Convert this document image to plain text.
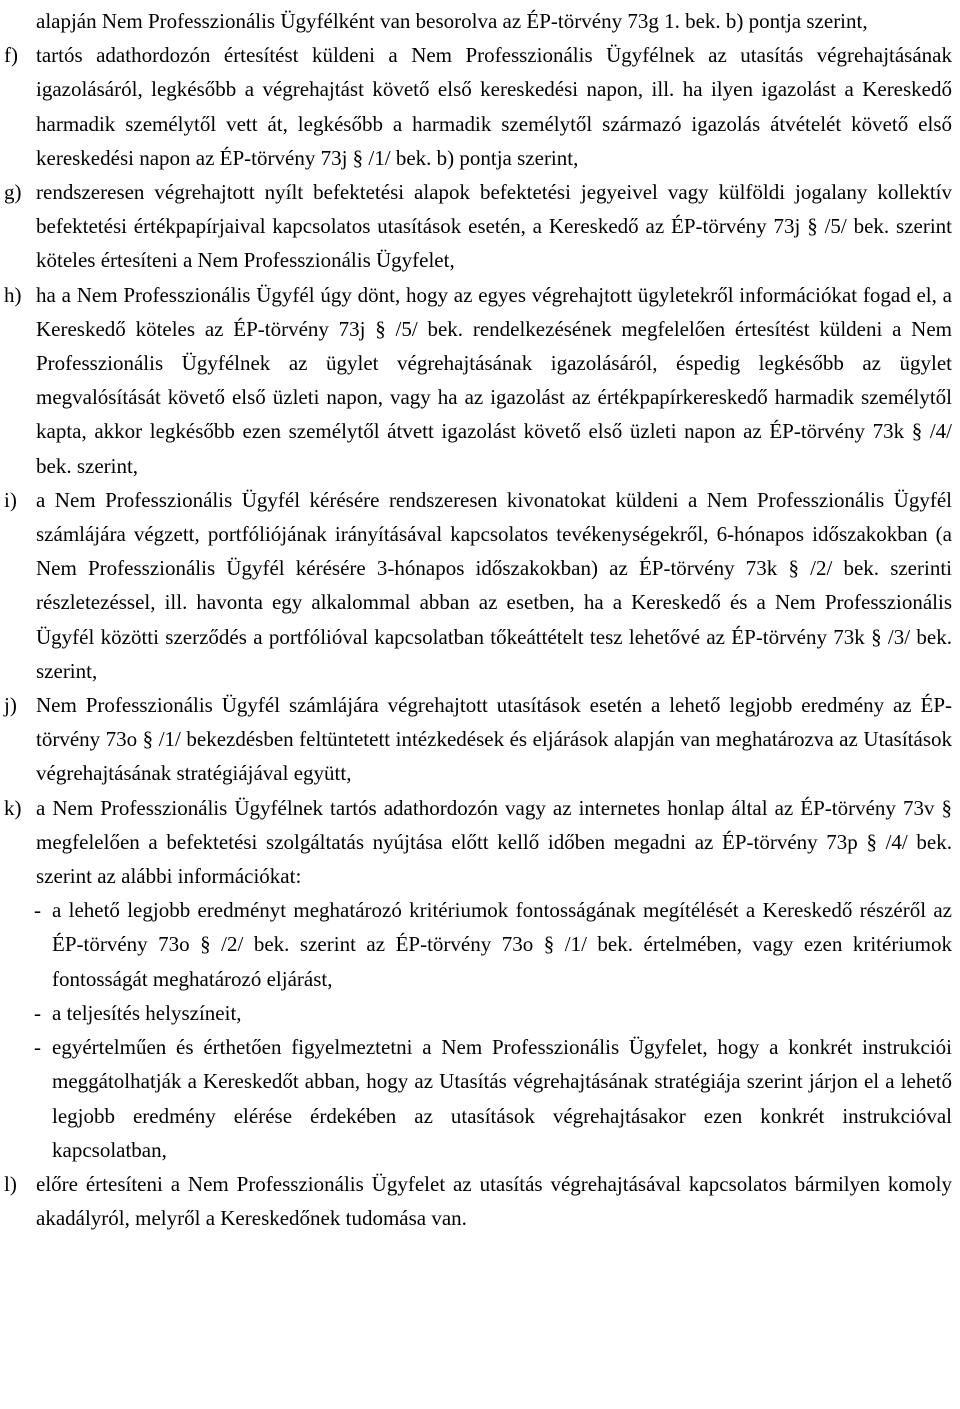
alapján Nem Professzionális Ügyfélként van besorolva az ÉP-törvény 73g 1. bek. b) pontja szerint,

f) tartós adathordozón értesítést küldeni a Nem Professzionális Ügyfélnek az utasítás végrehajtásának igazolásáról, legkésőbb a végrehajtást követő első kereskedési napon, ill. ha ilyen igazolást a Kereskedő harmadik személytől vett át, legkésőbb a harmadik személytől származó igazolás átvételét követő első kereskedési napon az ÉP-törvény 73j § /1/ bek. b) pontja szerint,
g) rendszeresen végrehajtott nyílt befektetési alapok befektetési jegyeivel vagy külföldi jogalany kollektív befektetési értékpapírjaival kapcsolatos utasítások esetén, a Kereskedő az ÉP-törvény 73j § /5/ bek. szerint köteles értesíteni a Nem Professzionális Ügyfelet,
h) ha a Nem Professzionális Ügyfél úgy dönt, hogy az egyes végrehajtott ügyletekről információkat fogad el, a Kereskedő köteles az ÉP-törvény 73j § /5/ bek. rendelkezésének megfelelően értesítést küldeni a Nem Professzionális Ügyfélnek az ügylet végrehajtásának igazolásáról, éspedig legkésőbb az ügylet megvalósítását követő első üzleti napon, vagy ha az igazolást az értékpapírkereskedő harmadik személytől kapta, akkor legkésőbb ezen személytől átvett igazolást követő első üzleti napon az ÉP-törvény 73k § /4/ bek. szerint,
i) a Nem Professzionális Ügyfél kérésére rendszeresen kivonatokat küldeni a Nem Professzionális Ügyfél számlájára végzett, portfóliójának irányításával kapcsolatos tevékenységekről, 6-hónapos időszakokban (a Nem Professzionális Ügyfél kérésére 3-hónapos időszakokban) az ÉP-törvény 73k § /2/ bek. szerinti részletezéssel, ill. havonta egy alkalommal abban az esetben, ha a Kereskedő és a Nem Professzionális Ügyfél közötti szerződés a portfólióval kapcsolatban tőkeáttételt tesz lehetővé az ÉP-törvény 73k § /3/ bek. szerint,
j) Nem Professzionális Ügyfél számlájára végrehajtott utasítások esetén a lehető legjobb eredmény az ÉP-törvény 73o § /1/ bekezdésben feltüntetett intézkedések és eljárások alapján van meghatározva az Utasítások végrehajtásának stratégiájával együtt,
k) a Nem Professzionális Ügyfélnek tartós adathordozón vagy az internetes honlap által az ÉP-törvény 73v § megfelelően a befektetési szolgáltatás nyújtása előtt kellő időben megadni az ÉP-törvény 73p § /4/ bek. szerint az alábbi információkat:
- a lehető legjobb eredményt meghatározó kritériumok fontosságának megítélését a Kereskedő részéről az ÉP-törvény 73o § /2/ bek. szerint az ÉP-törvény 73o § /1/ bek. értelmében, vagy ezen kritériumok fontosságát meghatározó eljárást,
- a teljesítés helyszíneit,
- egyértelműen és érthetően figyelmeztetni a Nem Professzionális Ügyfelet, hogy a konkrét instrukciói meggátolhatják a Kereskedőt abban, hogy az Utasítás végrehajtásának stratégiája szerint járjon el a lehető legjobb eredmény elérése érdekében az utasítások végrehajtásakor ezen konkrét instrukcióval kapcsolatban,
l) előre értesíteni a Nem Professzionális Ügyfelet az utasítás végrehajtásával kapcsolatos bármilyen komoly akadályról, melyről a Kereskedőnek tudomása van.
